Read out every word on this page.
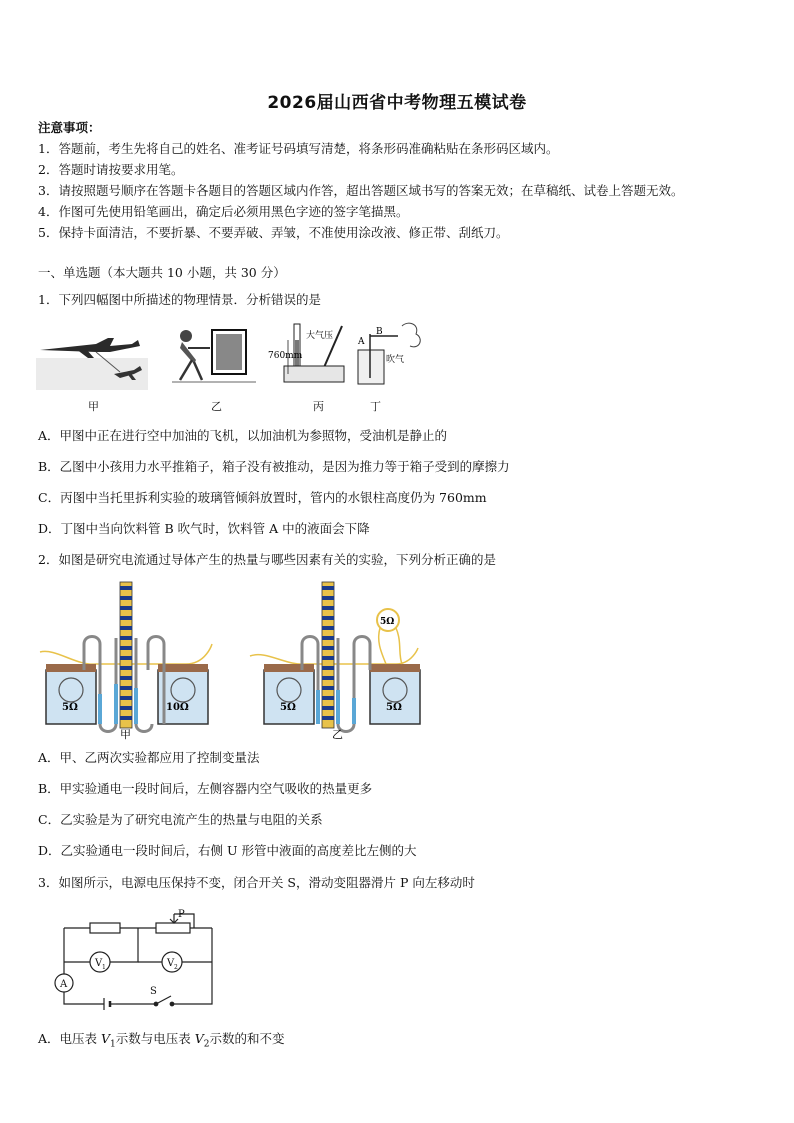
2026届山西省中考物理五模试卷
注意事项：
1．答题前，考生先将自己的姓名、准考证号码填写清楚，将条形码准确粘贴在条形码区域内。
2．答题时请按要求用笔。
3．请按照题号顺序在答题卡各题目的答题区域内作答，超出答题区域书写的答案无效；在草稿纸、试卷上答题无效。
4．作图可先使用铅笔画出，确定后必须用黑色字迹的签字笔描黑。
5．保持卡面清洁，不要折暴、不要弄破、弄皱，不准使用涂改液、修正带、刮纸刀。
一、单选题（本大题共 10 小题，共 30 分）
1．下列四幅图中所描述的物理情景．分析错误的是
760mm
大气压
A
B
吹气
甲	乙	丙	丁
A．甲图中正在进行空中加油的飞机，以加油机为参照物，受油机是静止的
B．乙图中小孩用力水平推箱子，箱子没有被推动，是因为推力等于箱子受到的摩擦力
C．丙图中当托里拆利实验的玻璃管倾斜放置时，管内的水银柱高度仍为 760mm
D．丁图中当向饮料管 B 吹气时，饮料管 A 中的液面会下降
2．如图是研究电流通过导体产生的热量与哪些因素有关的实验，下列分析正确的是
5Ω	10Ω
甲
5Ω	5Ω
5Ω
乙
A．甲、乙两次实验都应用了控制变量法
B．甲实验通电一段时间后，左侧容器内空气吸收的热量更多
C．乙实验是为了研究电流产生的热量与电阻的关系
D．乙实验通电一段时间后，右侧 U 形管中液面的高度差比左侧的大
3．如图所示，电源电压保持不变，闭合开关 S，滑动变阻器滑片 P 向左移动时
P
V 1	V 2
A
S
A．电压表 $V_1$示数与电压表 $V_2$示数的和不变
